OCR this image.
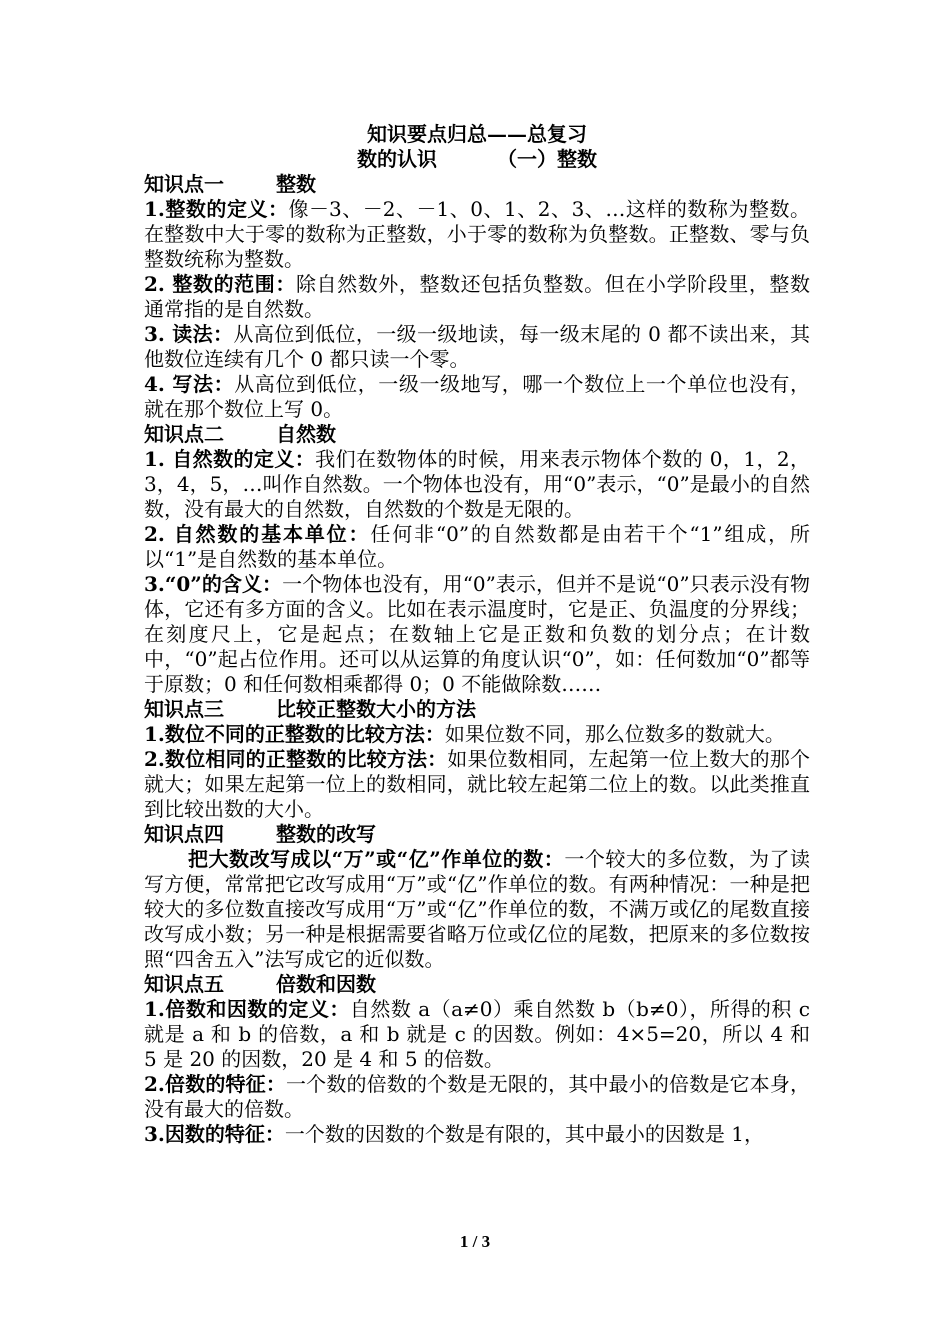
知识要点归总——总复习
数的认识	（一）整数
知识点一	整数

1.整数的定义：像－3、－2、－1、0、1、2、3、…这样的数称为整数。在整数中大于零的数称为正整数，小于零的数称为负整数。正整数、零与负整数统称为整数。

2. 整数的范围：除自然数外，整数还包括负整数。但在小学阶段里，整数通常指的是自然数。

3. 读法：从高位到低位，一级一级地读，每一级末尾的 0 都不读出来，其他数位连续有几个 0 都只读一个零。

4. 写法：从高位到低位，一级一级地写，哪一个数位上一个单位也没有，就在那个数位上写 0。

知识点二	自然数

1. 自然数的定义：我们在数物体的时候，用来表示物体个数的 0，1，2，3，4，5，…叫作自然数。一个物体也没有，用“0”表示，“0”是最小的自然数，没有最大的自然数，自然数的个数是无限的。

2. 自然数的基本单位：任何非“0”的自然数都是由若干个“1”组成，所以“1”是自然数的基本单位。

3.“0”的含义：一个物体也没有，用“0”表示，但并不是说“0”只表示没有物体，它还有多方面的含义。比如在表示温度时，它是正、负温度的分界线；在刻度尺上，它是起点；在数轴上它是正数和负数的划分点；在计数中，“0”起占位作用。还可以从运算的角度认识“0”，如：任何数加“0”都等于原数；0 和任何数相乘都得 0；0 不能做除数……

知识点三	比较正整数大小的方法

1.数位不同的正整数的比较方法：如果位数不同，那么位数多的数就大。

2.数位相同的正整数的比较方法：如果位数相同，左起第一位上数大的那个就大；如果左起第一位上的数相同，就比较左起第二位上的数。以此类推直到比较出数的大小。

知识点四	整数的改写

把大数改写成以“万”或“亿”作单位的数：一个较大的多位数，为了读写方便，常常把它改写成用“万”或“亿”作单位的数。有两种情况：一种是把较大的多位数直接改写成用“万”或“亿”作单位的数，不满万或亿的尾数直接改写成小数；另一种是根据需要省略万位或亿位的尾数，把原来的多位数按照“四舍五入”法写成它的近似数。

知识点五	倍数和因数

1.倍数和因数的定义：自然数 a（a≠0）乘自然数 b（b≠0），所得的积 c 就是 a 和 b 的倍数，a 和 b 就是 c 的因数。例如：4×5=20，所以 4 和 5 是 20 的因数，20 是 4 和 5 的倍数。

2.倍数的特征：一个数的倍数的个数是无限的，其中最小的倍数是它本身，没有最大的倍数。

3.因数的特征：一个数的因数的个数是有限的，其中最小的因数是 1，

1 / 3
